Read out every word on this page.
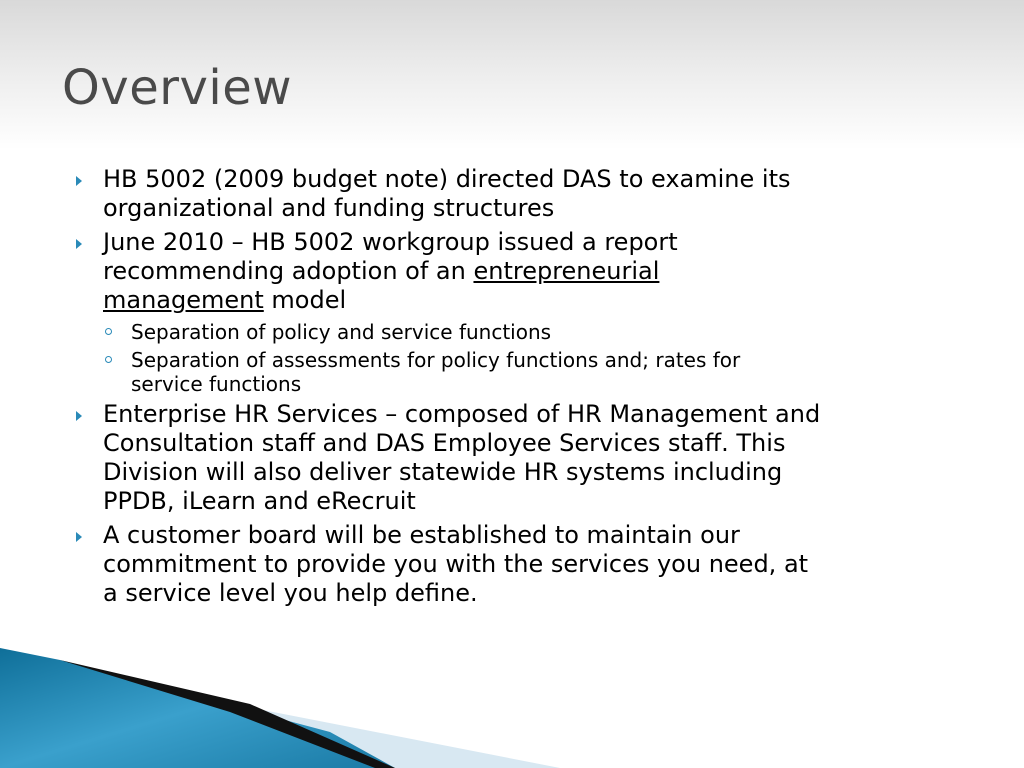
Overview
HB 5002 (2009 budget note) directed DAS to examine its
organizational and funding structures
June 2010 – HB 5002 workgroup issued a report
recommending adoption of an entrepreneurial
management model
Separation of policy and service functions
Separation of assessments for policy functions and; rates for
service functions
Enterprise HR Services – composed of HR Management and
Consultation staff and DAS Employee Services staff. This
Division will also deliver statewide HR systems including
PPDB, iLearn and eRecruit
A customer board will be established to maintain our
commitment to provide you with the services you need, at
a service level you help define.
